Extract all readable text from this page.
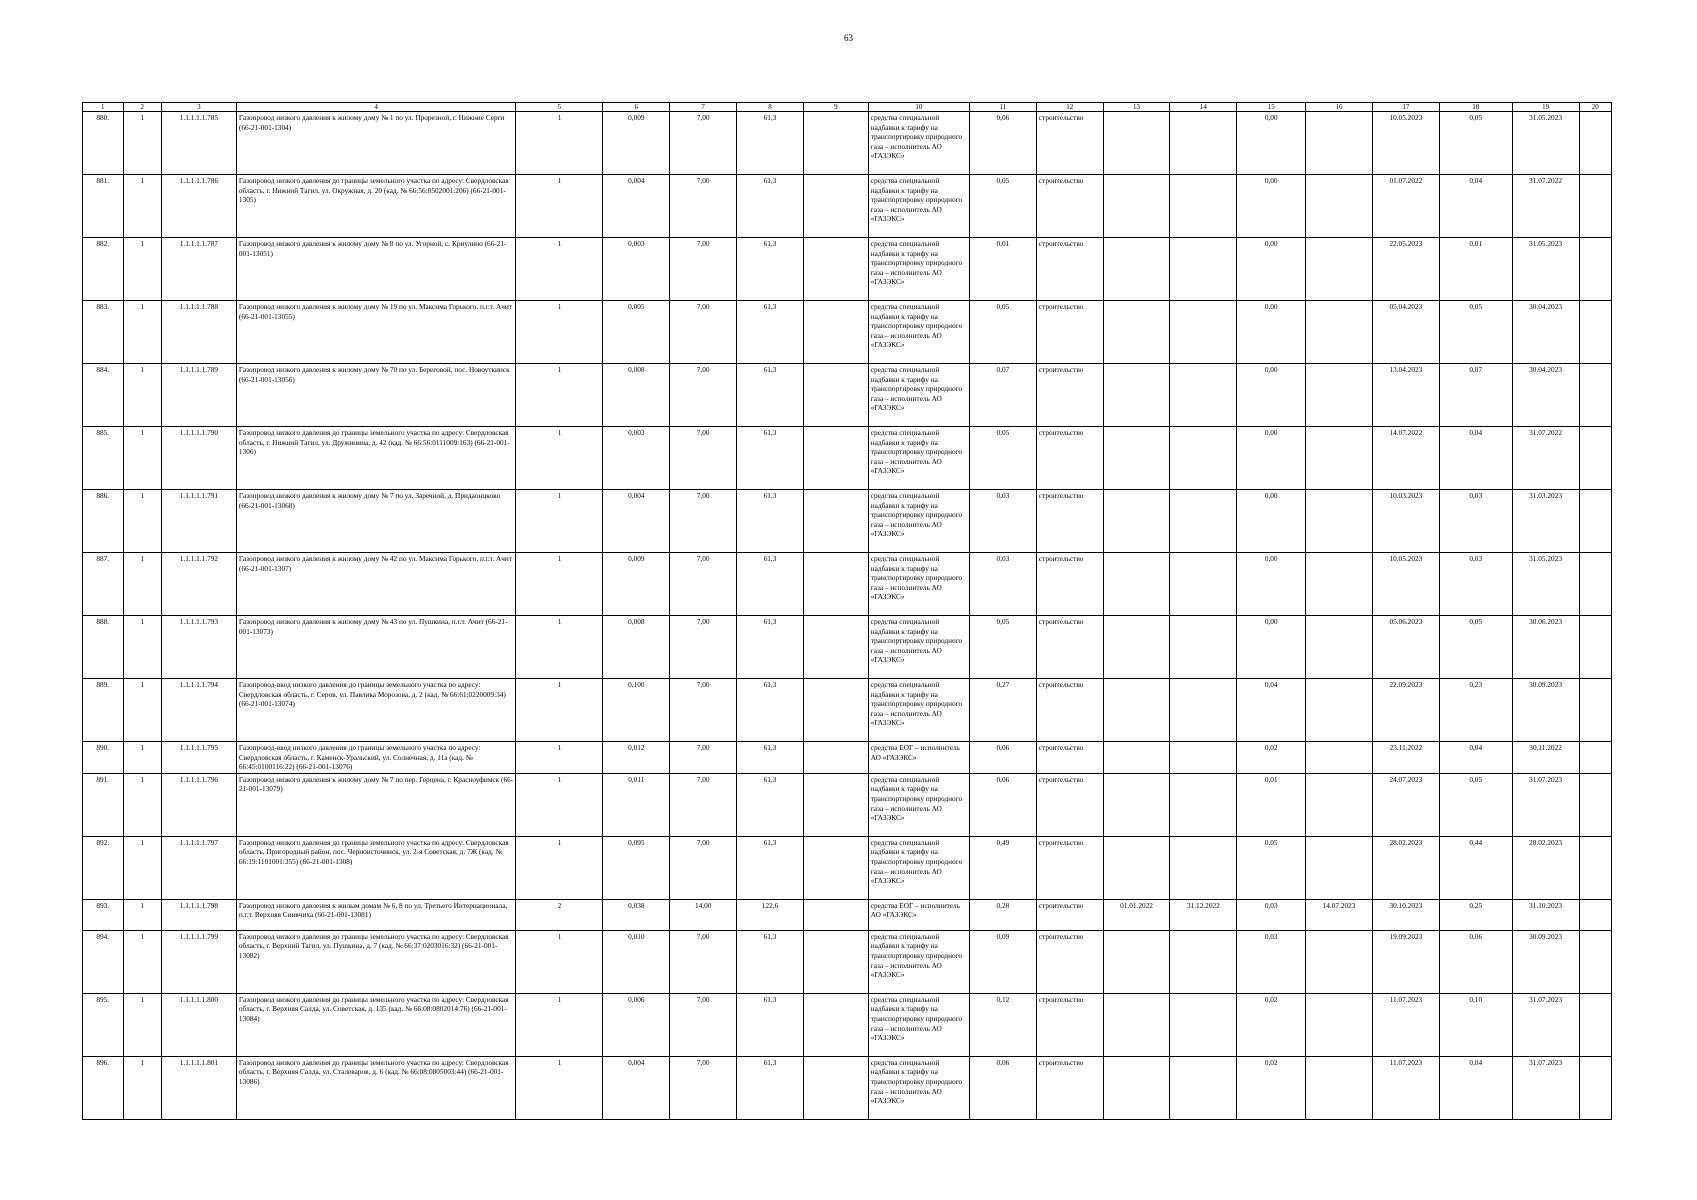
63
1	2	3	4	5	6	7	8	9	10	11	12	13	14	15	16	17	18	19	20
880.	1	1.1.1.1.1.785	Газопровод низкого давления к жилому дому № 1 по ул. Прорезной, г. Нижние Серги (66-21-001-1304)	1	0,009	7,00	61,3		средства специальной надбавки к тарифу на транспортировку природного газа – исполнитель АО «ГАЗЭКС»	0,06	строительство			0,00		10.05.2023	0,05	31.05.2023	
881.	1	1.1.1.1.1.786	Газопровод низкого давления до границы земельного участка по адресу: Свердловская область, г. Нижний Тагил, ул. Окружная, д. 20 (кад. № 66:56:0502001:206) (66-21-001-1305)	1	0,004	7,00	61,3		средства специальной надбавки к тарифу на транспортировку природного газа – исполнитель АО «ГАЗЭКС»	0,05	строительство			0,00		01.07.2022	0,04	31.07.2022	
882.	1	1.1.1.1.1.787	Газопровод низкого давления к жилому дому № 8 по ул. Угорной, с. Криулино (66-21-001-13051)	1	0,003	7,00	61,3		средства специальной надбавки к тарифу на транспортировку природного газа – исполнитель АО «ГАЗЭКС»	0,01	строительство			0,00		22.05.2023	0,01	31.05.2023	
883.	1	1.1.1.1.1.788	Газопровод низкого давления к жилому дому № 19 по ул. Максима Горького, п.г.т. Ачит (66-21-001-13055)	1	0,005	7,00	61,3		средства специальной надбавки к тарифу на транспортировку природного газа – исполнитель АО «ГАЗЭКС»	0,05	строительство			0,00		05.04.2023	0,05	30.04.2023	
884.	1	1.1.1.1.1.789	Газопровод низкого давления к жилому дому № 70 по ул. Береговой, пос. Новоуткинск (66-21-001-13056)	1	0,008	7,00	61,3		средства специальной надбавки к тарифу на транспортировку природного газа – исполнитель АО «ГАЗЭКС»	0,07	строительство			0,00		13.04.2023	0,07	30.04.2023	
885.	1	1.1.1.1.1.790	Газопровод низкого давления до границы земельного участка по адресу: Свердловская область, г. Нижний Тагил, ул. Дружинина, д. 42 (кад. № 66:56:0111009:163) (66-21-001-1306)	1	0,003	7,00	61,3		средства специальной надбавки к тарифу на транспортировку природного газа – исполнитель АО «ГАЗЭКС»	0,05	строительство			0,00		14.07.2022	0,04	31.07.2022	
886.	1	1.1.1.1.1.791	Газопровод низкого давления к жилому дому № 7 по ул. Заречной, д. Придаонцково (66-21-001-13068)	1	0,004	7,00	61,3		средства специальной надбавки к тарифу на транспортировку природного газа – исполнитель АО «ГАЗЭКС»	0,03	строительство			0,00		10.03.2023	0,03	31.03.2023	
887.	1	1.1.1.1.1.792	Газопровод низкого давления к жилому дому № 42 по ул. Максима Горького, п.г.т. Ачит (66-21-001-1307)	1	0,009	7,00	61,3		средства специальной надбавки к тарифу на транспортировку природного газа – исполнитель АО «ГАЗЭКС»	0,03	строительство			0,00		10.05.2023	0,03	31.05.2023	
888.	1	1.1.1.1.1.793	Газопровод низкого давления к жилому дому № 43 по ул. Пушкина, п.г.т. Ачит (66-21-001-13073)	1	0,008	7,00	61,3		средства специальной надбавки к тарифу на транспортировку природного газа – исполнитель АО «ГАЗЭКС»	0,05	строительство			0,00		05.06.2023	0,05	30.06.2023	
889.	1	1.1.1.1.1.794	Газопровод-ввод низкого давления до границы земельного участка по адресу: Свердловская область, г. Серов, ул. Павлика Морозова, д. 2 (кад. № 66:61:0220009:34) (66-21-001-13074)	1	0,100	7,00	61,3		средства специальной надбавки к тарифу на транспортировку природного газа – исполнитель АО «ГАЗЭКС»	0,27	строительство			0,04		22.09.2023	0,23	30.09.2023	
890.	1	1.1.1.1.1.795	Газопровод-ввод низкого давления до границы земельного участка по адресу: Свердловская область, г. Каменск-Уральский, ул. Солнечная, д. 11а (кад. № 66:45:0100116:22) (66-21-001-13076)	1	0,012	7,00	61,3		средства ЕОГ – исполнитель АО «ГАЗЭКС»	0,06	строительство			0,02		23.11.2022	0,04	30.11.2022	
891.	1	1.1.1.1.1.796	Газопровод низкого давления к жилому дому № 7 по пер. Герцена, г. Красноуфимск (66-21-001-13079)	1	0,011	7,00	61,3		средства специальной надбавки к тарифу на транспортировку природного газа – исполнитель АО «ГАЗЭКС»	0,06	строительство			0,01		24.07.2023	0,05	31.07.2023	
892.	1	1.1.1.1.1.797	Газопровод низкого давления до границы земельного участка по адресу: Свердловская область, Пригородный район, пос. Черноисточинск, ул. 2-я Советская, д. 7Ж (кад. № 66:19:1101001:355) (66-21-001-1308)	1	0,095	7,00	61,3		средства специальной надбавки к тарифу на транспортировку природного газа – исполнитель АО «ГАЗЭКС»	0,49	строительство			0,05		28.02.2023	0,44	28.02.2023	
893.	1	1.1.1.1.1.798	Газопровод низкого давления к жилым домам № 6, 8 по ул. Третьего Интернационала, п.г.т. Верхняя Синячиха (66-21-001-13081)	2	0,038	14,00	122,6		средства ЕОГ – исполнитель АО «ГАЗЭКС»	0,28	строительство	01.01.2022	31.12.2022	0,03	14.07.2023	30.10.2023	0,25	31.10.2023	
894.	1	1.1.1.1.1.799	Газопровод низкого давления до границы земельного участка по адресу: Свердловская область, г. Верхний Тагил, ул. Пушкина, д. 7 (кад. № 66:37:0203016:32) (66-21-001-13082)	1	0,010	7,00	61,3		средства специальной надбавки к тарифу на транспортировку природного газа – исполнитель АО «ГАЗЭКС»	0,09	строительство			0,03		19.09.2023	0,06	30.09.2023	
895.	1	1.1.1.1.1.800	Газопровод низкого давления до границы земельного участка по адресу: Свердловская область, г. Верхняя Салда, ул. Советская, д. 135 (кад. № 66:08:0802014:76) (66-21-001-13084)	1	0,006	7,00	61,3		средства специальной надбавки к тарифу на транспортировку природного газа – исполнитель АО «ГАЗЭКС»	0,12	строительство			0,02		11.07.2023	0,10	31.07.2023	
896.	1	1.1.1.1.1.801	Газопровод низкого давления до границы земельного участка по адресу: Свердловская область, г. Верхняя Салда, ул. Сталеваров, д. 6 (кад. № 66:08:0805003:44) (66-21-001-13086)	1	0,004	7,00	61,3		средства специальной надбавки к тарифу на транспортировку природного газа – исполнитель АО «ГАЗЭКС»	0,06	строительство			0,02		11.07.2023	0,04	31.07.2023	
